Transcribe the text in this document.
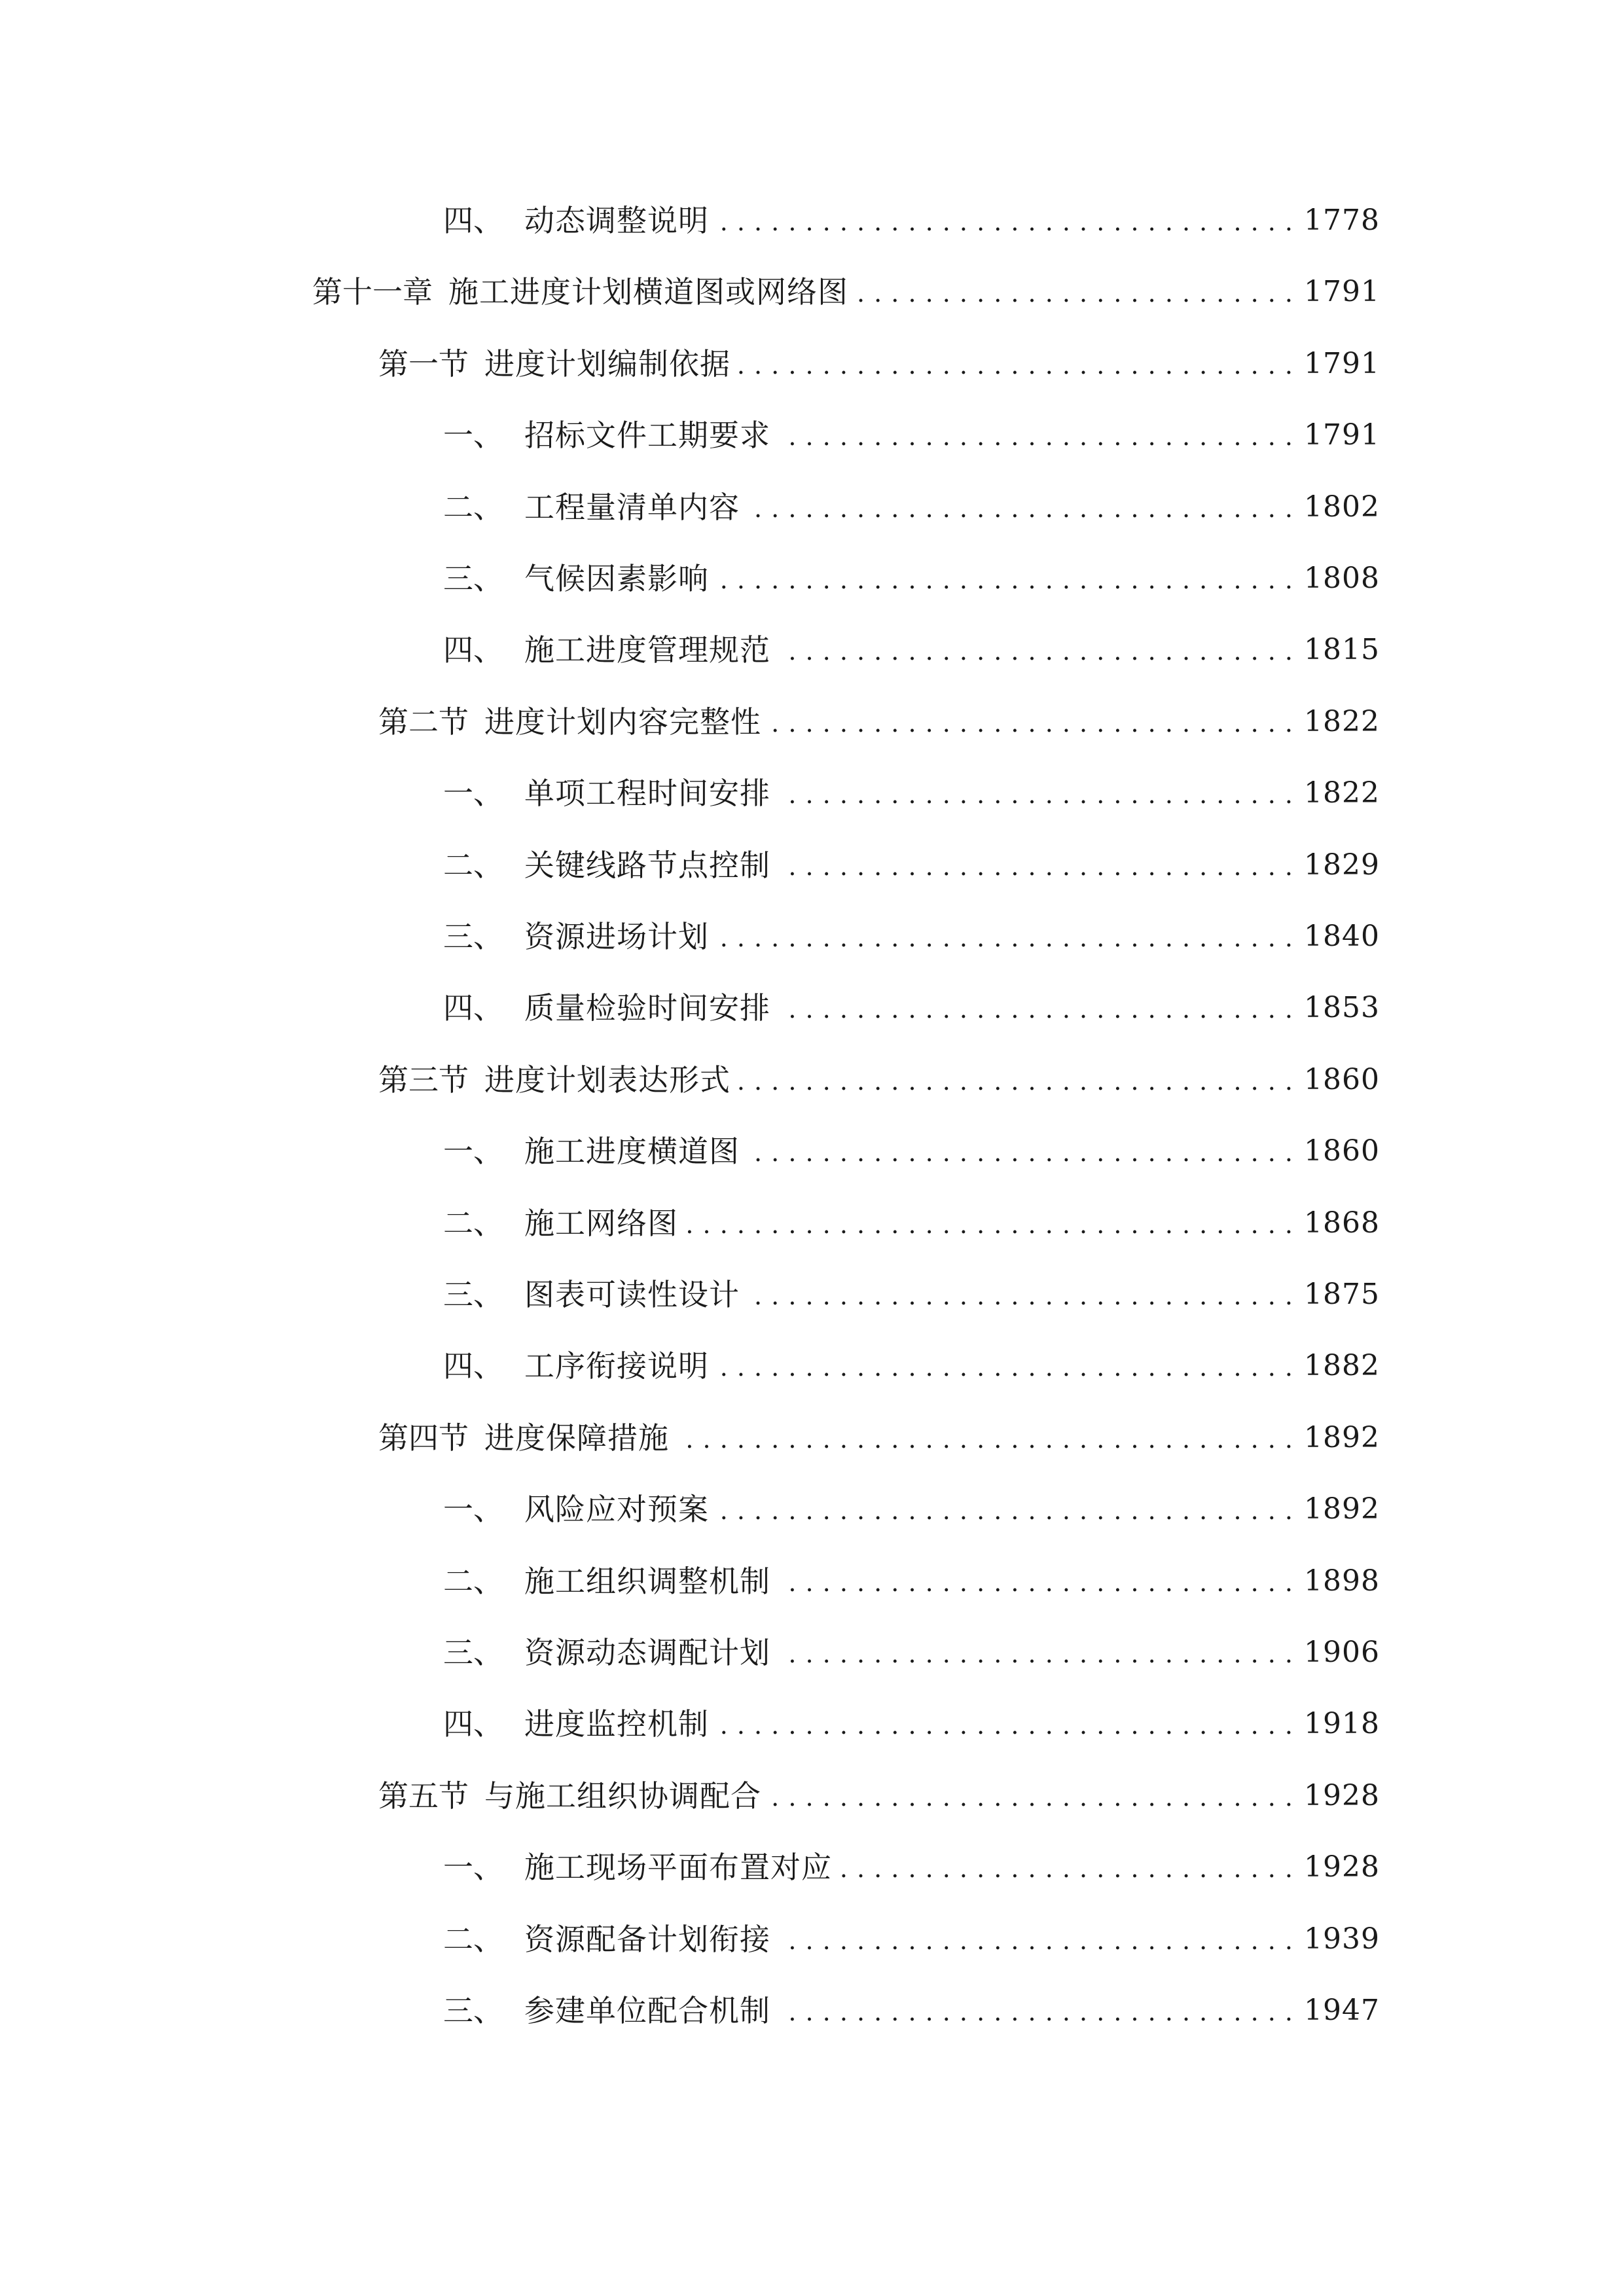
四、 动态调整说明 . . .	1778
第十一章 施工进度计划横道图或网络图 . . .	1791
第一节 进度计划编制依据 . . .	1791
一、 招标文件工期要求 . . .	1791
二、 工程量清单内容 . . .	1802
三、 气候因素影响 . . .	1808
四、 施工进度管理规范 . . .	1815
第二节 进度计划内容完整性 . . .	1822
一、 单项工程时间安排 . . .	1822
二、 关键线路节点控制 . . .	1829
三、 资源进场计划 . . .	1840
四、 质量检验时间安排 . . .	1853
第三节 进度计划表达形式 . . .	1860
一、 施工进度横道图 . . .	1860
二、 施工网络图 . . .	1868
三、 图表可读性设计 . . .	1875
四、 工序衔接说明 . . .	1882
第四节 进度保障措施 . . .	1892
一、 风险应对预案 . . .	1892
二、 施工组织调整机制 . . .	1898
三、 资源动态调配计划 . . .	1906
四、 进度监控机制 . . .	1918
第五节 与施工组织协调配合 . . .	1928
一、 施工现场平面布置对应 . . .	1928
二、 资源配备计划衔接 . . .	1939
三、 参建单位配合机制 . . .	1947
